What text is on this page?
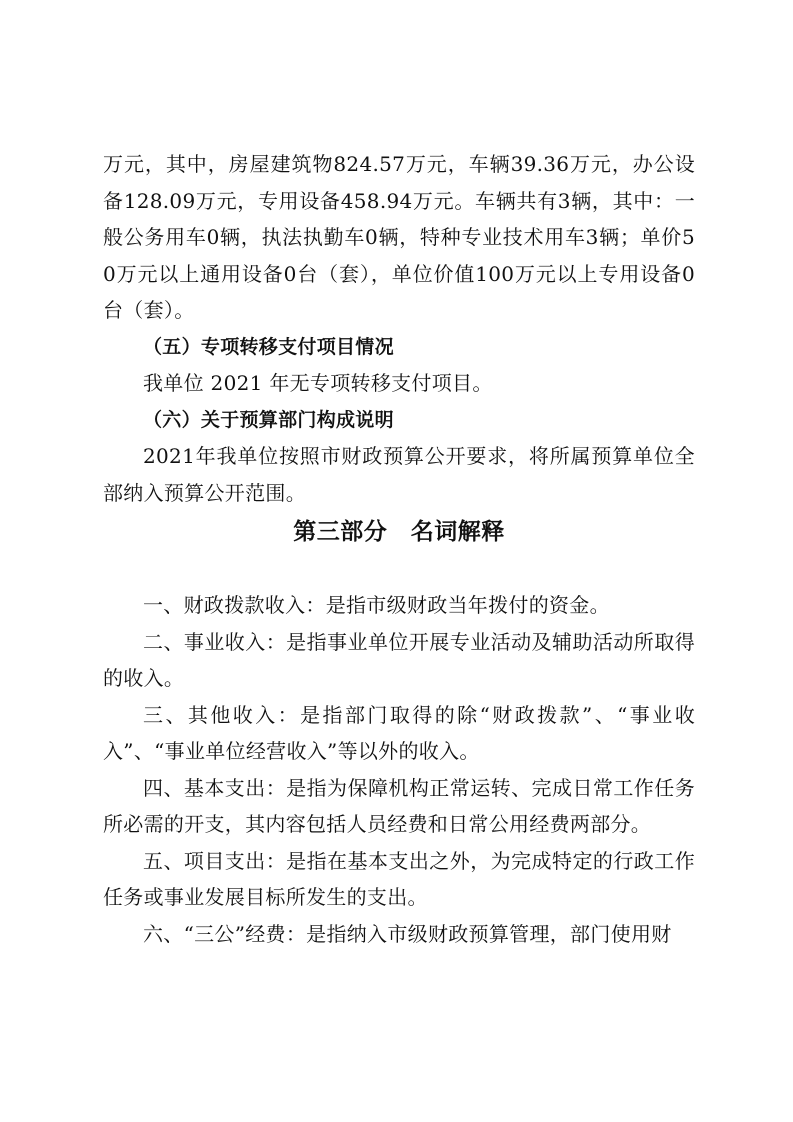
万元，其中，房屋建筑物824.57万元，车辆39.36万元，办公设备128.09万元，专用设备458.94万元。车辆共有3辆，其中：一般公务用车0辆，执法执勤车0辆，特种专业技术用车3辆；单价50万元以上通用设备0台（套），单位价值100万元以上专用设备0台（套）。

（五）专项转移支付项目情况

我单位 2021 年无专项转移支付项目。

（六）关于预算部门构成说明

2021年我单位按照市财政预算公开要求，将所属预算单位全部纳入预算公开范围。

第三部分　名词解释

一、财政拨款收入：是指市级财政当年拨付的资金。

二、事业收入：是指事业单位开展专业活动及辅助活动所取得的收入。

三、其他收入：是指部门取得的除“财政拨款”、“事业收入”、“事业单位经营收入”等以外的收入。

四、基本支出：是指为保障机构正常运转、完成日常工作任务所必需的开支，其内容包括人员经费和日常公用经费两部分。

五、项目支出：是指在基本支出之外，为完成特定的行政工作任务或事业发展目标所发生的支出。

六、“三公”经费：是指纳入市级财政预算管理，部门使用财
